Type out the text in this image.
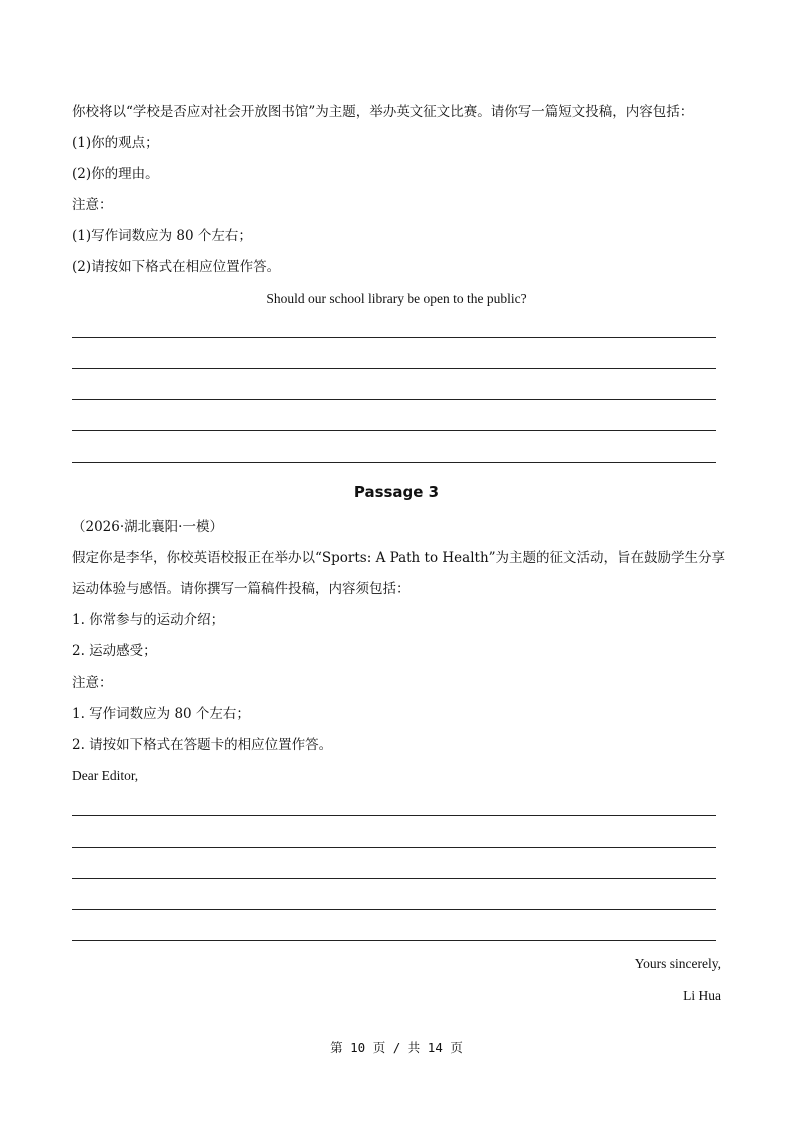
你校将以“学校是否应对社会开放图书馆”为主题，举办英文征文比赛。请你写一篇短文投稿，内容包括：
(1)你的观点；
(2)你的理由。
注意：
(1)写作词数应为 80 个左右；
(2)请按如下格式在相应位置作答。
Should our school library be open to the public?
Passage 3
（2026·湖北襄阳·一模）
假定你是李华，你校英语校报正在举办以“Sports: A Path to Health”为主题的征文活动，旨在鼓励学生分享
运动体验与感悟。请你撰写一篇稿件投稿，内容须包括：
1. 你常参与的运动介绍；
2. 运动感受；
注意：
1. 写作词数应为 80 个左右；
2. 请按如下格式在答题卡的相应位置作答。
Dear Editor,
Yours sincerely,
Li Hua
第 10 页 / 共 14 页
